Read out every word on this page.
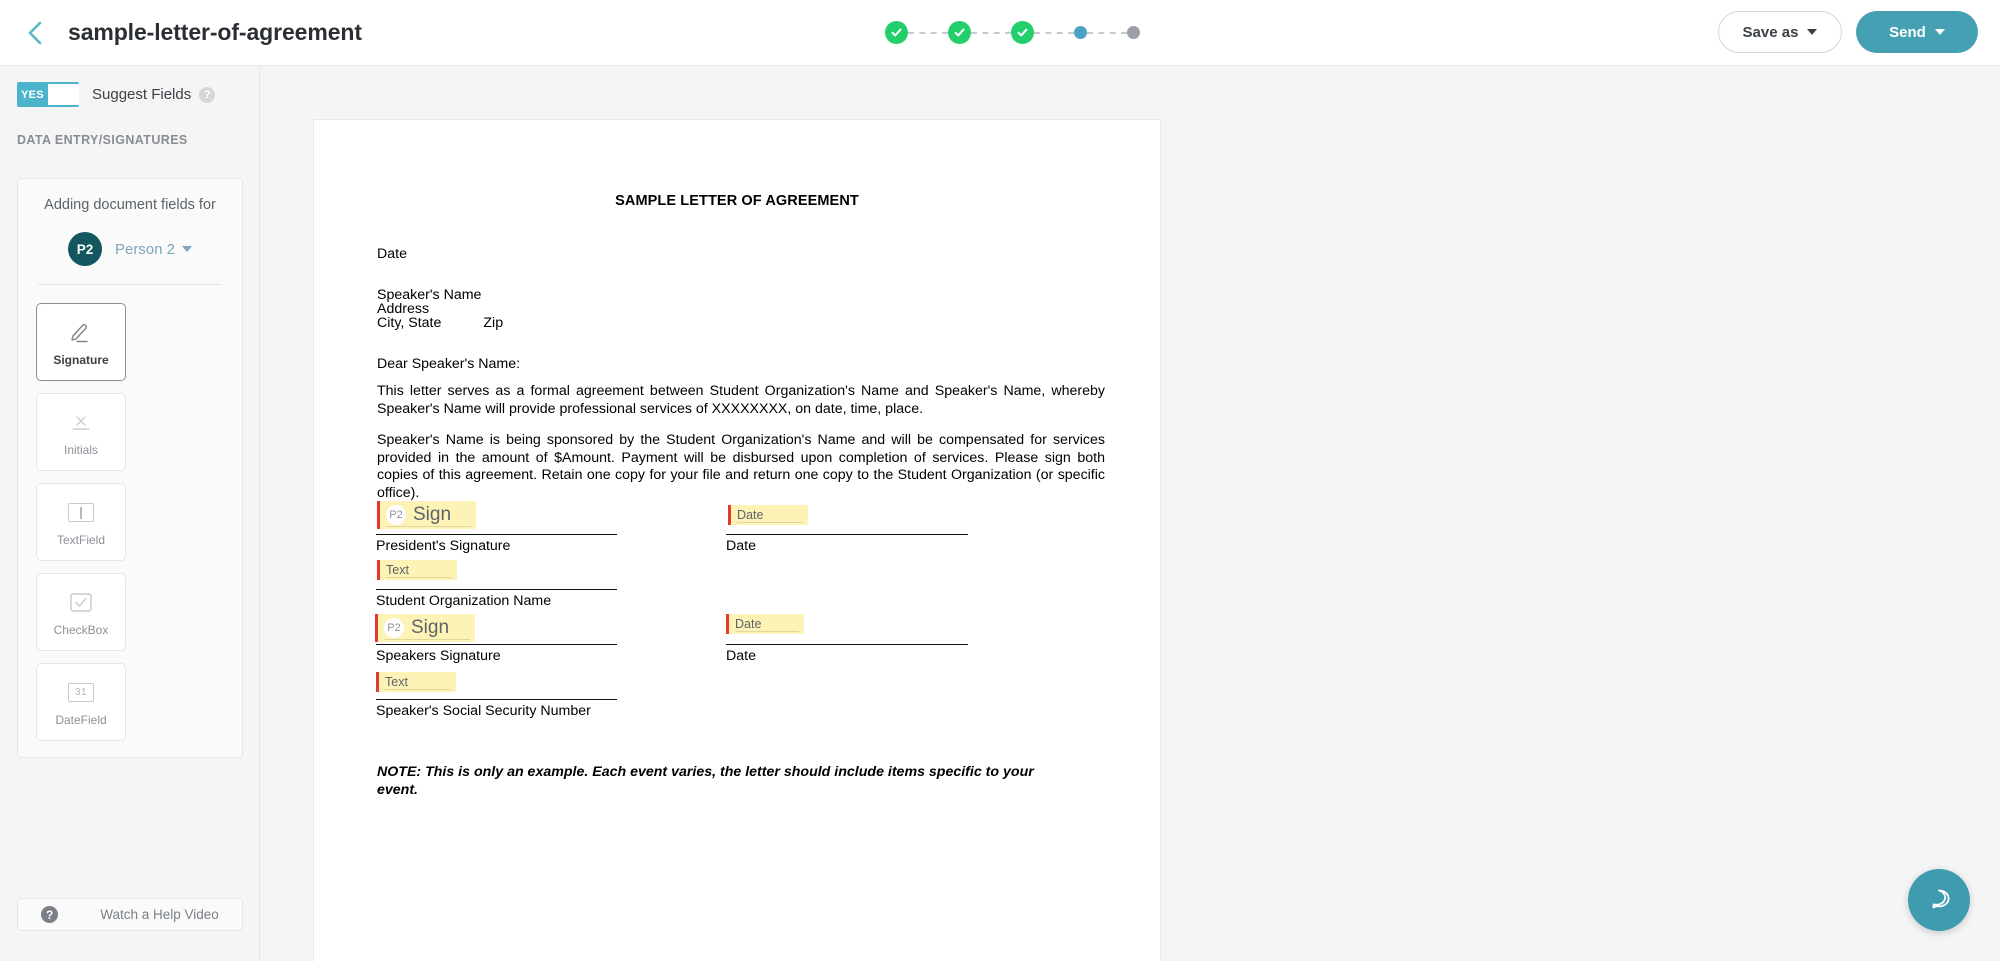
sample-letter-of-agreement	Save as	Send
YES	Suggest Fields	?
DATA ENTRY/SIGNATURES
Adding document fields for
P2	Person 2
Signature
Initials
TextField
CheckBox
31
DateField
?	Watch a Help Video
SAMPLE LETTER OF AGREEMENT
Date
Speaker's Name
Address
City, State	Zip
Dear Speaker's Name:
This letter serves as a formal agreement between Student Organization's Name and Speaker's Name, whereby Speaker's Name will provide professional services of XXXXXXXX, on date, time, place.
Speaker's Name is being sponsored by the Student Organization's Name and will be compensated for services provided in the amount of $Amount. Payment will be disbursed upon completion of services. Please sign both copies of this agreement. Retain one copy for your file and return one copy to the Student Organization (or specific office).
P2 Sign
President's Signature
Date
Date
Text
Student Organization Name
P2 Sign
Speakers Signature
Date
Date
Text
Speaker's Social Security Number
NOTE: This is only an example. Each event varies, the letter should include items specific to your event.
